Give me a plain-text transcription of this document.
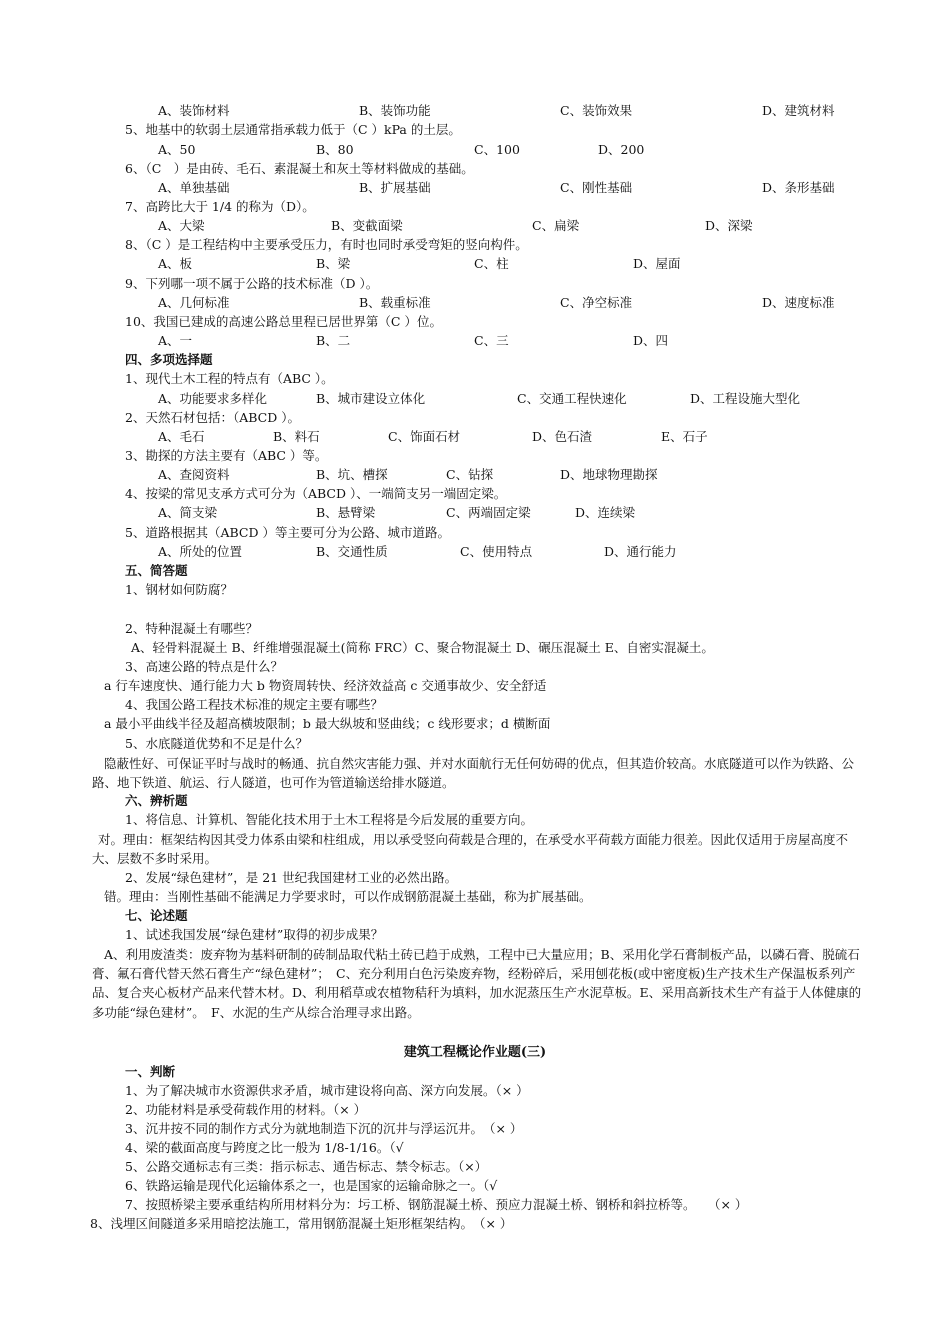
A、装饰材料	B、装饰功能	C、装饰效果	D、建筑材料
5、地基中的软弱土层通常指承载力低于（C ）kPa 的土层。
A、50	B、80	C、100	D、200
6、（C　）是由砖、毛石、素混凝土和灰土等材料做成的基础。
A、单独基础	B、扩展基础	C、刚性基础	D、条形基础
7、高跨比大于 1/4 的称为（D）。
A、大梁	B、变截面梁	C、扁梁	D、深梁
8、（C ）是工程结构中主要承受压力，有时也同时承受弯矩的竖向构件。
A、板	B、梁	C、柱	D、屋面
9、下列哪一项不属于公路的技术标准（D ）。
A、几何标准	B、载重标准	C、净空标准	D、速度标准
10、我国已建成的高速公路总里程已居世界第（C ）位。
A、一	B、二	C、三	D、四
四、多项选择题
1、现代土木工程的特点有（ABC ）。
A、功能要求多样化	B、城市建设立体化	C、交通工程快速化	D、工程设施大型化
2、天然石材包括：（ABCD ）。
A、毛石	B、料石	C、饰面石材	D、色石渣	E、石子
3、勘探的方法主要有（ABC ）等。
A、查阅资料	B、坑、槽探	C、钻探	D、地球物理勘探
4、按梁的常见支承方式可分为（ABCD ）、一端简支另一端固定梁。
A、简支梁	B、悬臂梁	C、两端固定梁	D、连续梁
5、道路根据其（ABCD ）等主要可分为公路、城市道路。
A、所处的位置	B、交通性质	C、使用特点	D、通行能力
五、简答题
1、钢材如何防腐？
2、特种混凝土有哪些？
A、轻骨料混凝土 B、纤维增强混凝土(简称 FRC）C、聚合物混凝土 D、碾压混凝土 E、自密实混凝土。
3、高速公路的特点是什么？
a 行车速度快、通行能力大 b 物资周转快、经济效益高 c 交通事故少、安全舒适
4、我国公路工程技术标准的规定主要有哪些？
a 最小平曲线半径及超高横坡限制；b 最大纵坡和竖曲线；c 线形要求；d 横断面
5、水底隧道优势和不足是什么？
隐蔽性好、可保证平时与战时的畅通、抗自然灾害能力强、并对水面航行无任何妨碍的优点，但其造价较高。水底隧道可以作为铁路、公路、地下铁道、航运、行人隧道，也可作为管道输送给排水隧道。
六、辨析题
1、将信息、计算机、智能化技术用于土木工程将是今后发展的重要方向。
对。理由：框架结构因其受力体系由梁和柱组成，用以承受竖向荷载是合理的，在承受水平荷载方面能力很差。因此仅适用于房屋高度不大、层数不多时采用。
2、发展“绿色建材”，是 21 世纪我国建材工业的必然出路。
错。理由：当刚性基础不能满足力学要求时，可以作成钢筋混凝土基础，称为扩展基础。
七、论述题
1、试述我国发展“绿色建材”取得的初步成果？
A、利用废渣类：废弃物为基料研制的砖制品取代粘土砖已趋于成熟，工程中已大量应用；B、采用化学石膏制板产品，以磷石膏、脱硫石膏、氟石膏代替天然石膏生产“绿色建材”；　C、充分利用白色污染废弃物，经粉碎后，采用刨花板(或中密度板)生产技术生产保温板系列产品、复合夹心板材产品来代替木材。D、利用稻草或农植物秸秆为填料，加水泥蒸压生产水泥草板。E、采用高新技术生产有益于人体健康的多功能“绿色建材”。　F、水泥的生产从综合治理寻求出路。
建筑工程概论作业题(三)
一、判断
1、为了解决城市水资源供求矛盾，城市建设将向高、深方向发展。（× ）
2、功能材料是承受荷载作用的材料。（× ）
3、沉井按不同的制作方式分为就地制造下沉的沉井与浮运沉井。　（× ）
4、梁的截面高度与跨度之比一般为 1/8-1/16。（√
5、公路交通标志有三类：指示标志、通告标志、禁令标志。（×）
6、铁路运输是现代化运输体系之一，也是国家的运输命脉之一。（√
7、按照桥梁主要承重结构所用材料分为：圬工桥、钢筋混凝土桥、预应力混凝土桥、钢桥和斜拉桥等。　　（× ）
8、浅埋区间隧道多采用暗挖法施工，常用钢筋混凝土矩形框架结构。　（× ）
